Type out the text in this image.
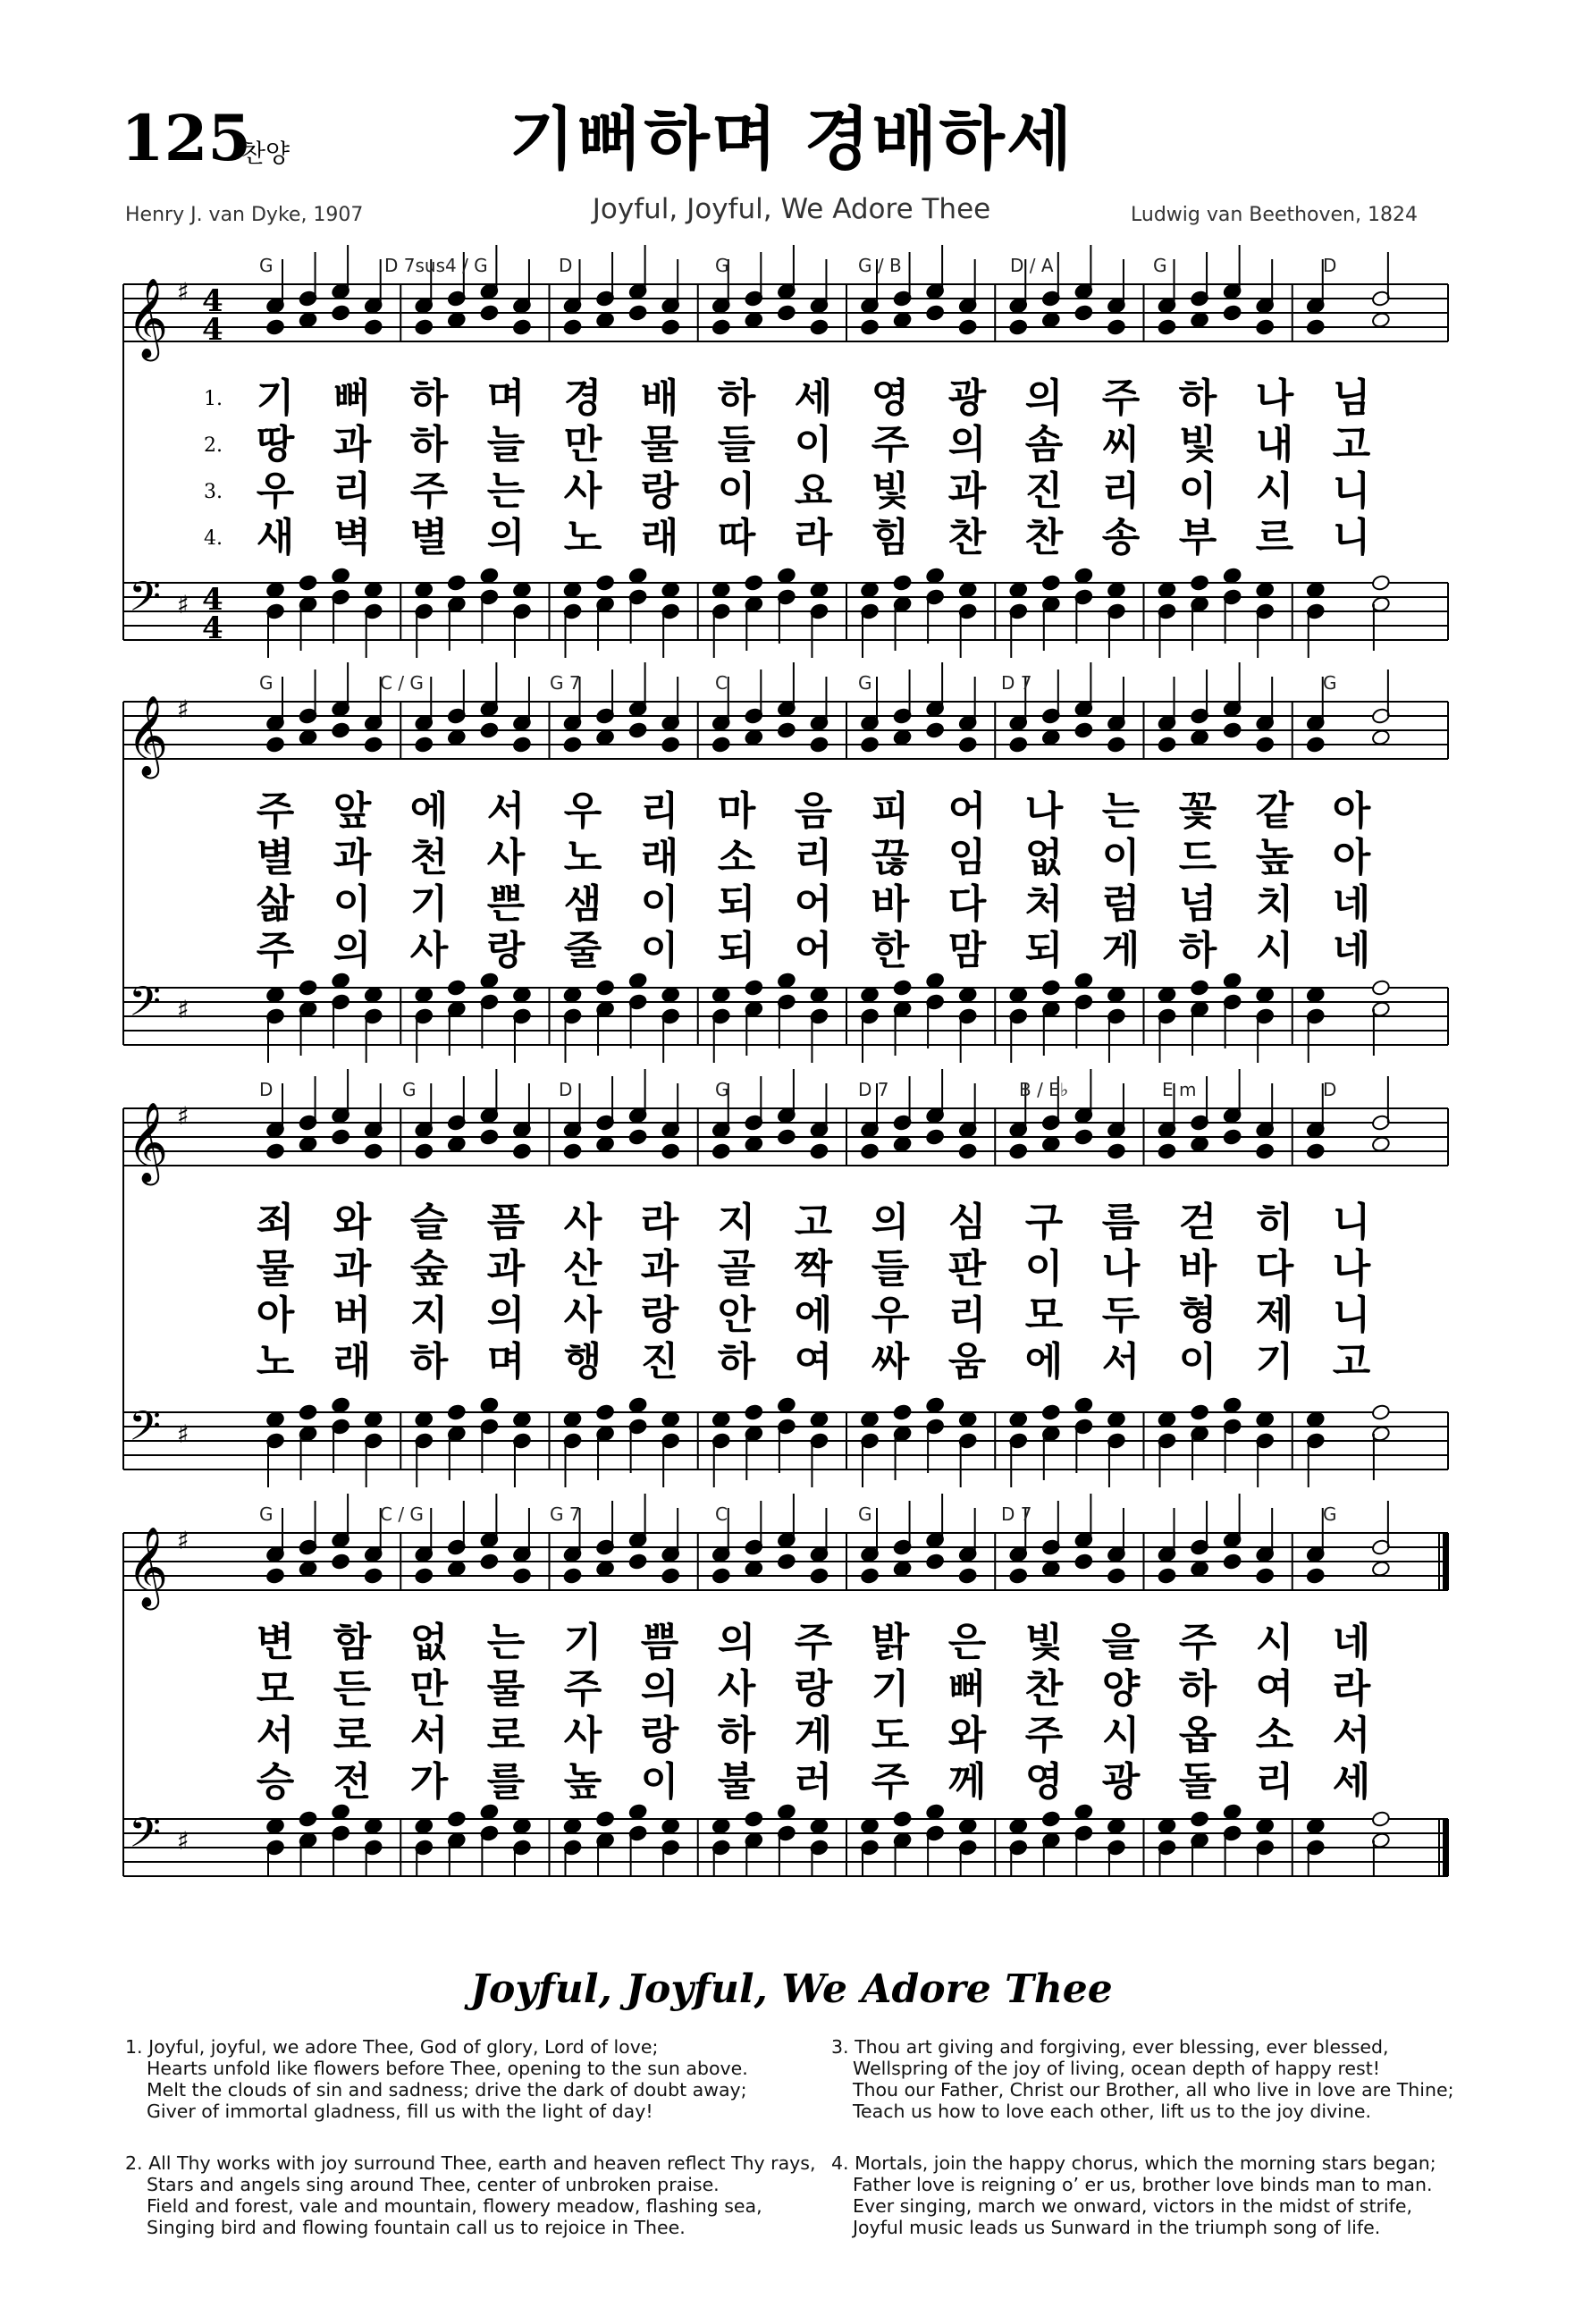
125
찬양	기뻐하며 경배하세
Joyful, Joyful, We Adore Thee
Henry J. van Dyke, 1907	Ludwig van Beethoven, 1824
𝄞 ♯ 4
4
𝄢 ♯ 4
4
𝄞 ♯
𝄢 ♯
𝄞 ♯
𝄢 ♯
𝄞 ♯
𝄢 ♯
G	D 7sus4 / G	D	G	G / B	D / A	G	D
G	C / G	G 7	C	G	D 7	G
D	G	D	G	D 7	B / E♭	E m	D
G	C / G	G 7	C	G	D 7	G
1. 기 뻐 하 며 경 배 하 세 영 광 의 주 하 나 님
2. 땅 과 하 늘 만 물 들 이 주 의 솜 씨 빛 내 고
3. 우 리 주 는 사 랑 이 요 빛 과 진 리 이 시 니
4. 새 벽 별 의 노 래 따 라 힘 찬 찬 송 부 르 니
주 앞 에 서 우 리 마 음 피 어 나 는 꽃 같 아
별 과 천 사 노 래 소 리 끊 임 없 이 드 높 아
삶 이 기 쁜 샘 이 되 어 바 다 처 럼 넘 치 네
주 의 사 랑 줄 이 되 어 한 맘 되 게 하 시 네
죄 와 슬 픔 사 라 지 고 의 심 구 름 걷 히 니
물 과 숲 과 산 과 골 짝 들 판 이 나 바 다 나
아 버 지 의 사 랑 안 에 우 리 모 두 형 제 니
노 래 하 며 행 진 하 여 싸 움 에 서 이 기 고
변 함 없 는 기 쁨 의 주 밝 은 빛 을 주 시 네
모 든 만 물 주 의 사 랑 기 뻐 찬 양 하 여 라
서 로 서 로 사 랑 하 게 도 와 주 시 옵 소 서
승 전 가 를 높 이 불 러 주 께 영 광 돌 리 세
Joyful, Joyful, We Adore Thee
1. Joyful, joyful, we adore Thee, God of glory, Lord of love;
Hearts unfold like flowers before Thee, opening to the sun above.
Melt the clouds of sin and sadness; drive the dark of doubt away;
Giver of immortal gladness, fill us with the light of day!
2. All Thy works with joy surround Thee, earth and heaven reflect Thy rays,
Stars and angels sing around Thee, center of unbroken praise.
Field and forest, vale and mountain, flowery meadow, flashing sea,
Singing bird and flowing fountain call us to rejoice in Thee.
3. Thou art giving and forgiving, ever blessing, ever blessed,
Wellspring of the joy of living, ocean depth of happy rest!
Thou our Father, Christ our Brother, all who live in love are Thine;
Teach us how to love each other, lift us to the joy divine.
4. Mortals, join the happy chorus, which the morning stars began;
Father love is reigning o’ er us, brother love binds man to man.
Ever singing, march we onward, victors in the midst of strife,
Joyful music leads us Sunward in the triumph song of life.
